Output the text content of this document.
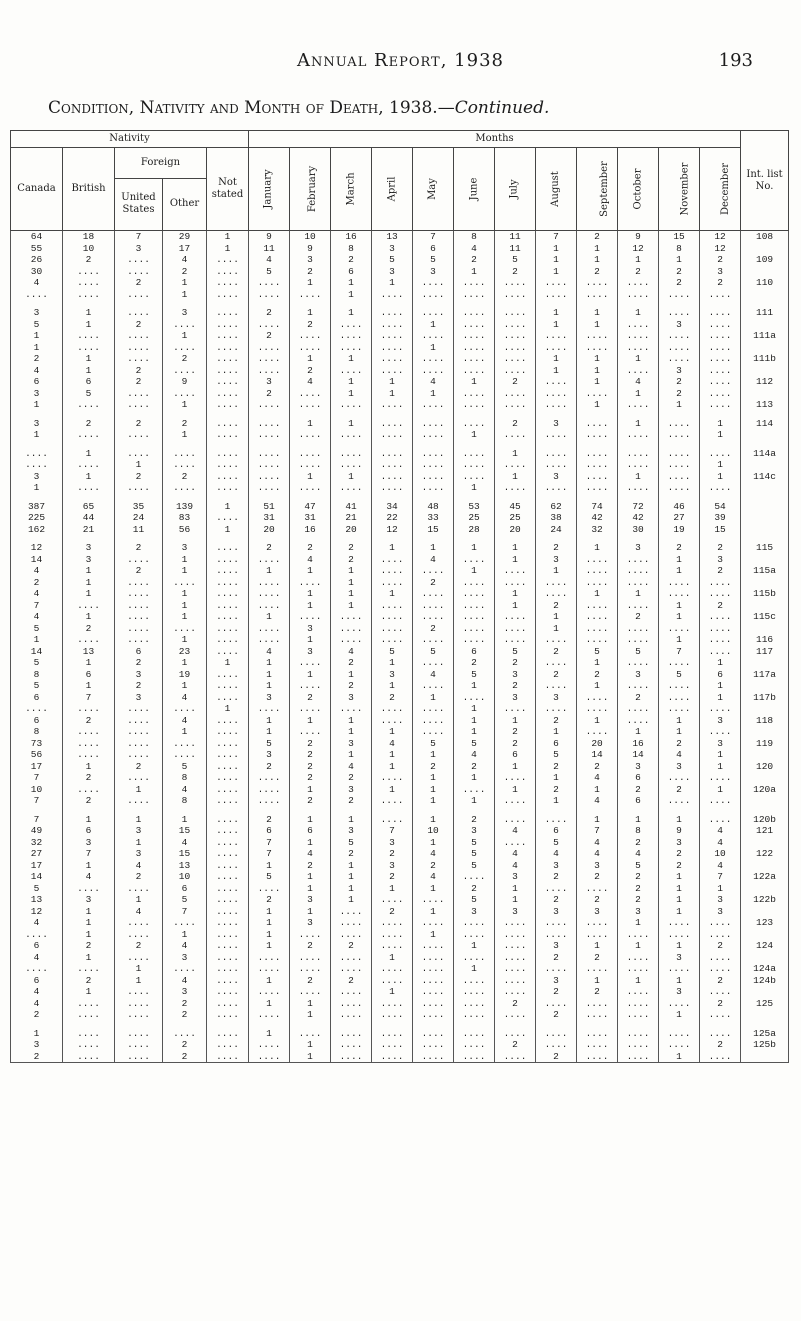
Annual Report, 1938	193
Condition, Nativity and Month of Death, 1938.—Continued.
Nativity					Months												Int. list No.
Canada	British	Foreign		Not stated	January	February	March	April	May	June	July	August	September	October	November	December	
		United States	Other														
64	18	7	29	1	9	10	16	13	7	8	11	7	2	9	15	12	108
55	10	3	17	1	11	9	8	3	6	4	11	1	1	12	8	12	
26	2	....	4	....	4	3	2	5	5	2	5	1	1	1	1	2	109
30	....	....	2	....	5	2	6	3	3	1	2	1	2	2	2	3	
4	....	2	1	....	....	1	1	1	....	....	....	....	....	....	2	2	110
....	....	....	1	....	....	....	1	....	....	....	....	....	....	....	....	....	

3	1	....	3	....	2	1	1	....	....	....	....	1	1	1	....	....	111
5	1	2	....	....	....	2	....	....	1	....	....	1	1	....	3	....	
1	....	....	1	....	2	....	....	....	....	....	....	....	....	....	....	....	111a
1	....	....	....	....	....	....	....	....	1	....	....	....	....	....	....	....	
2	1	....	2	....	....	1	1	....	....	....	....	1	1	1	....	....	111b
4	1	2	....	....	....	2	....	....	....	....	....	1	1	....	3	....	
6	6	2	9	....	3	4	1	1	4	1	2	....	1	4	2	....	112
3	5	....	....	....	2	....	1	1	1	....	....	....	....	1	2	....	
1	....	....	1	....	....	....	....	....	....	....	....	....	1	....	1	....	113

3	2	2	2	....	....	1	1	....	....	....	2	3	....	1	....	1	114
1	....	....	1	....	....	....	....	....	....	1	....	....	....	....	....	1	

....	1	....	....	....	....	....	....	....	....	....	1	....	....	....	....	....	114a
....	....	1	....	....	....	....	....	....	....	....	....	....	....	....	....	1	
3	1	2	2	....	....	1	1	....	....	....	1	3	....	1	....	1	114c
1	....	....	....	....	....	....	....	....	....	1	....	....	....	....	....	....	

387	65	35	139	1	51	47	41	34	48	53	45	62	74	72	46	54	
225	44	24	83	....	31	31	21	22	33	25	25	38	42	42	27	39	
162	21	11	56	1	20	16	20	12	15	28	20	24	32	30	19	15	

12	3	2	3	....	2	2	2	1	1	1	1	2	1	3	2	2	115
14	3	....	1	....	....	4	2	....	4	....	1	3	....	....	1	3	
4	1	2	1	....	1	1	1	....	....	1	....	1	....	....	1	2	115a
2	1	....	....	....	....	....	1	....	2	....	....	....	....	....	....	....	
4	1	....	1	....	....	1	1	1	....	....	1	....	1	1	....	....	115b
7	....	....	1	....	....	1	1	....	....	....	1	2	....	....	1	2	
4	1	....	1	....	1	....	....	....	....	....	....	1	....	2	1	....	115c
5	2	....	....	....	....	3	....	....	2	....	....	1	....	....	....	....	
1	....	....	1	....	....	1	....	....	....	....	....	....	....	....	1	....	116
14	13	6	23	....	4	3	4	5	5	6	5	2	5	5	7	....	117
5	1	2	1	1	1	....	2	1	....	2	2	....	1	....	....	1	
8	6	3	19	....	1	1	1	3	4	5	3	2	2	3	5	6	117a
5	1	2	1	....	1	....	2	1	....	1	2	....	1	....	....	1	
6	7	3	4	....	3	2	3	2	1	....	3	3	....	2	....	1	117b
....	....	....	....	1	....	....	....	....	....	1	....	....	....	....	....	....	
6	2	....	4	....	1	1	1	....	....	1	1	2	1	....	1	3	118
8	....	....	1	....	1	....	1	1	....	1	2	1	....	1	1	....	
73	....	....	....	....	5	2	3	4	5	5	2	6	20	16	2	3	119
56	....	....	....	....	3	2	1	1	1	4	6	5	14	14	4	1	
17	1	2	5	....	2	2	4	1	2	2	1	2	2	3	3	1	120
7	2	....	8	....	....	2	2	....	1	1	....	1	4	6	....	....	
10	....	1	4	....	....	1	3	1	1	....	1	2	1	2	2	1	120a
7	2	....	8	....	....	2	2	....	1	1	....	1	4	6	....	....	

7	1	1	1	....	2	1	1	....	1	2	....	....	1	1	1	....	120b
49	6	3	15	....	6	6	3	7	10	3	4	6	7	8	9	4	121
32	3	1	4	....	7	1	5	3	1	5	....	5	4	2	3	4	
27	7	3	15	....	7	4	2	2	4	5	4	4	4	4	2	10	122
17	1	4	13	....	1	2	1	3	2	5	4	3	3	5	2	4	
14	4	2	10	....	5	1	1	2	4	....	3	2	2	2	1	7	122a
5	....	....	6	....	....	1	1	1	1	2	1	....	....	2	1	1	
13	3	1	5	....	2	3	1	....	....	5	1	2	2	2	1	3	122b
12	1	4	7	....	1	1	....	2	1	3	3	3	3	3	1	3	
4	1	....	....	....	1	3	....	....	....	....	....	....	....	1	....	....	123
....	1	....	1	....	1	....	....	....	1	....	....	....	....	....	....	....	
6	2	2	4	....	1	2	2	....	....	1	....	3	1	1	1	2	124
4	1	....	3	....	....	....	....	1	....	....	....	2	2	....	3	....	
....	....	1	....	....	....	....	....	....	....	1	....	....	....	....	....	....	124a
6	2	1	4	....	1	2	2	....	....	....	....	3	1	1	1	2	124b
4	1	....	3	....	....	....	....	1	....	....	....	2	2	....	3	....	
4	....	....	2	....	1	1	....	....	....	....	2	....	....	....	....	2	125
2	....	....	2	....	....	1	....	....	....	....	....	2	....	....	1	....	

1	....	....	....	....	1	....	....	....	....	....	....	....	....	....	....	....	125a
3	....	....	2	....	....	1	....	....	....	....	2	....	....	....	....	2	125b
2	....	....	2	....	....	1	....	....	....	....	....	2	....	....	1	....	
